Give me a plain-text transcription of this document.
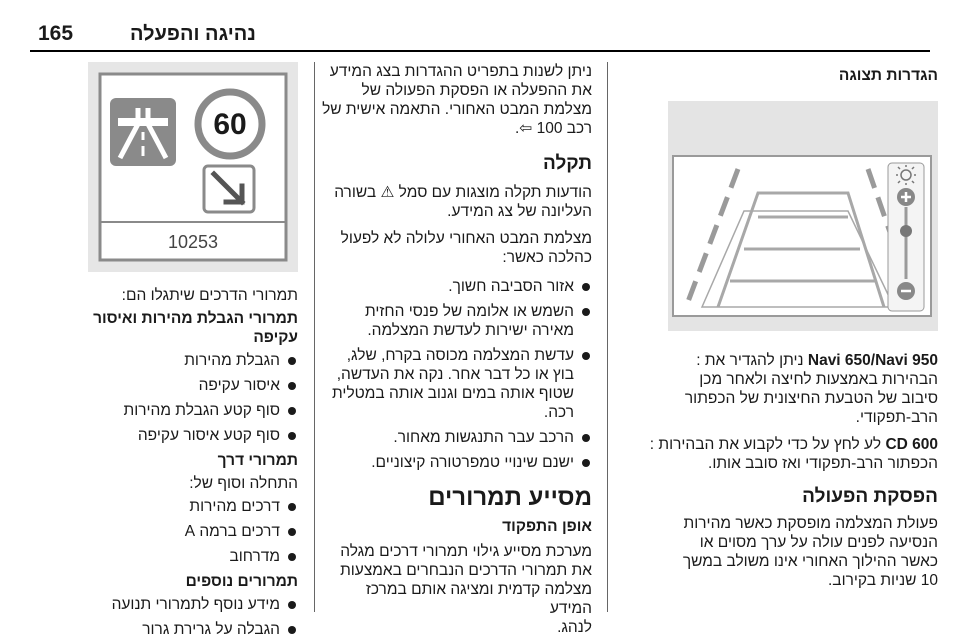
165	נהיגה והפעלה
הגדרות תצוגה

Navi 650/Navi 950 ניתן להגדיר את :
הבהירות באמצעות לחיצה ולאחר מכן
סיבוב של הטבעת החיצונית של הכפתור
הרב-תפקודי.

CD 600 לע לחץ על כדי לקבוע את הבהירות :
הכפתור הרב-תפקודי ואז סובב אותו.

הפסקת הפעולה

פעולת המצלמה מופסקת כאשר מהירות
הנסיעה לפנים עולה על ערך מסוים או
כאשר ההילוך האחורי אינו משולב במשך
10 שניות בקירוב.

ניתן לשנות בתפריט ההגדרות בצג המידע
את ההפעלה או הפסקת הפעולה של
מצלמת המבט האחורי. התאמה אישית של
רכב 100 ⇦.

תקלה

הודעות תקלה מוצגות עם סמל ⚠ בשורה
העליונה של צג המידע.

מצלמת המבט האחורי עלולה לא לפעול
כהלכה כאשר:

אזור הסביבה חשוך.
השמש או אלומה של פנסי החזית מאירה ישירות לעדשת המצלמה.
עדשת המצלמה מכוסה בקרח, שלג, בוץ או כל דבר אחר. נקה את העדשה, שטוף אותה במים וגנוב אותה במטלית רכה.
הרכב עבר התנגשות מאחור.
ישנם שינויי טמפרטורה קיצוניים.
מסייע תמרורים
אופן התפקוד

מערכת מסייע גילוי תמרורי דרכים מגלה
את תמרורי הדרכים הנבחרים באמצעות
מצלמה קדמית ומציגה אותם במרכז המידע
לנהג.

60
10253

תמרורי הדרכים שיתגלו הם:

תמרורי הגבלת מהירות ואיסור עקיפה

הגבלת מהירות
איסור עקיפה
סוף קטע הגבלת מהירות
סוף קטע איסור עקיפה

תמרורי דרך

התחלה וסוף של:

דרכים מהירות
דרכים ברמה A
מדרחוב

תמרורים נוספים

מידע נוסף לתמרורי תנועה
הגבלה על גרירת גרור
